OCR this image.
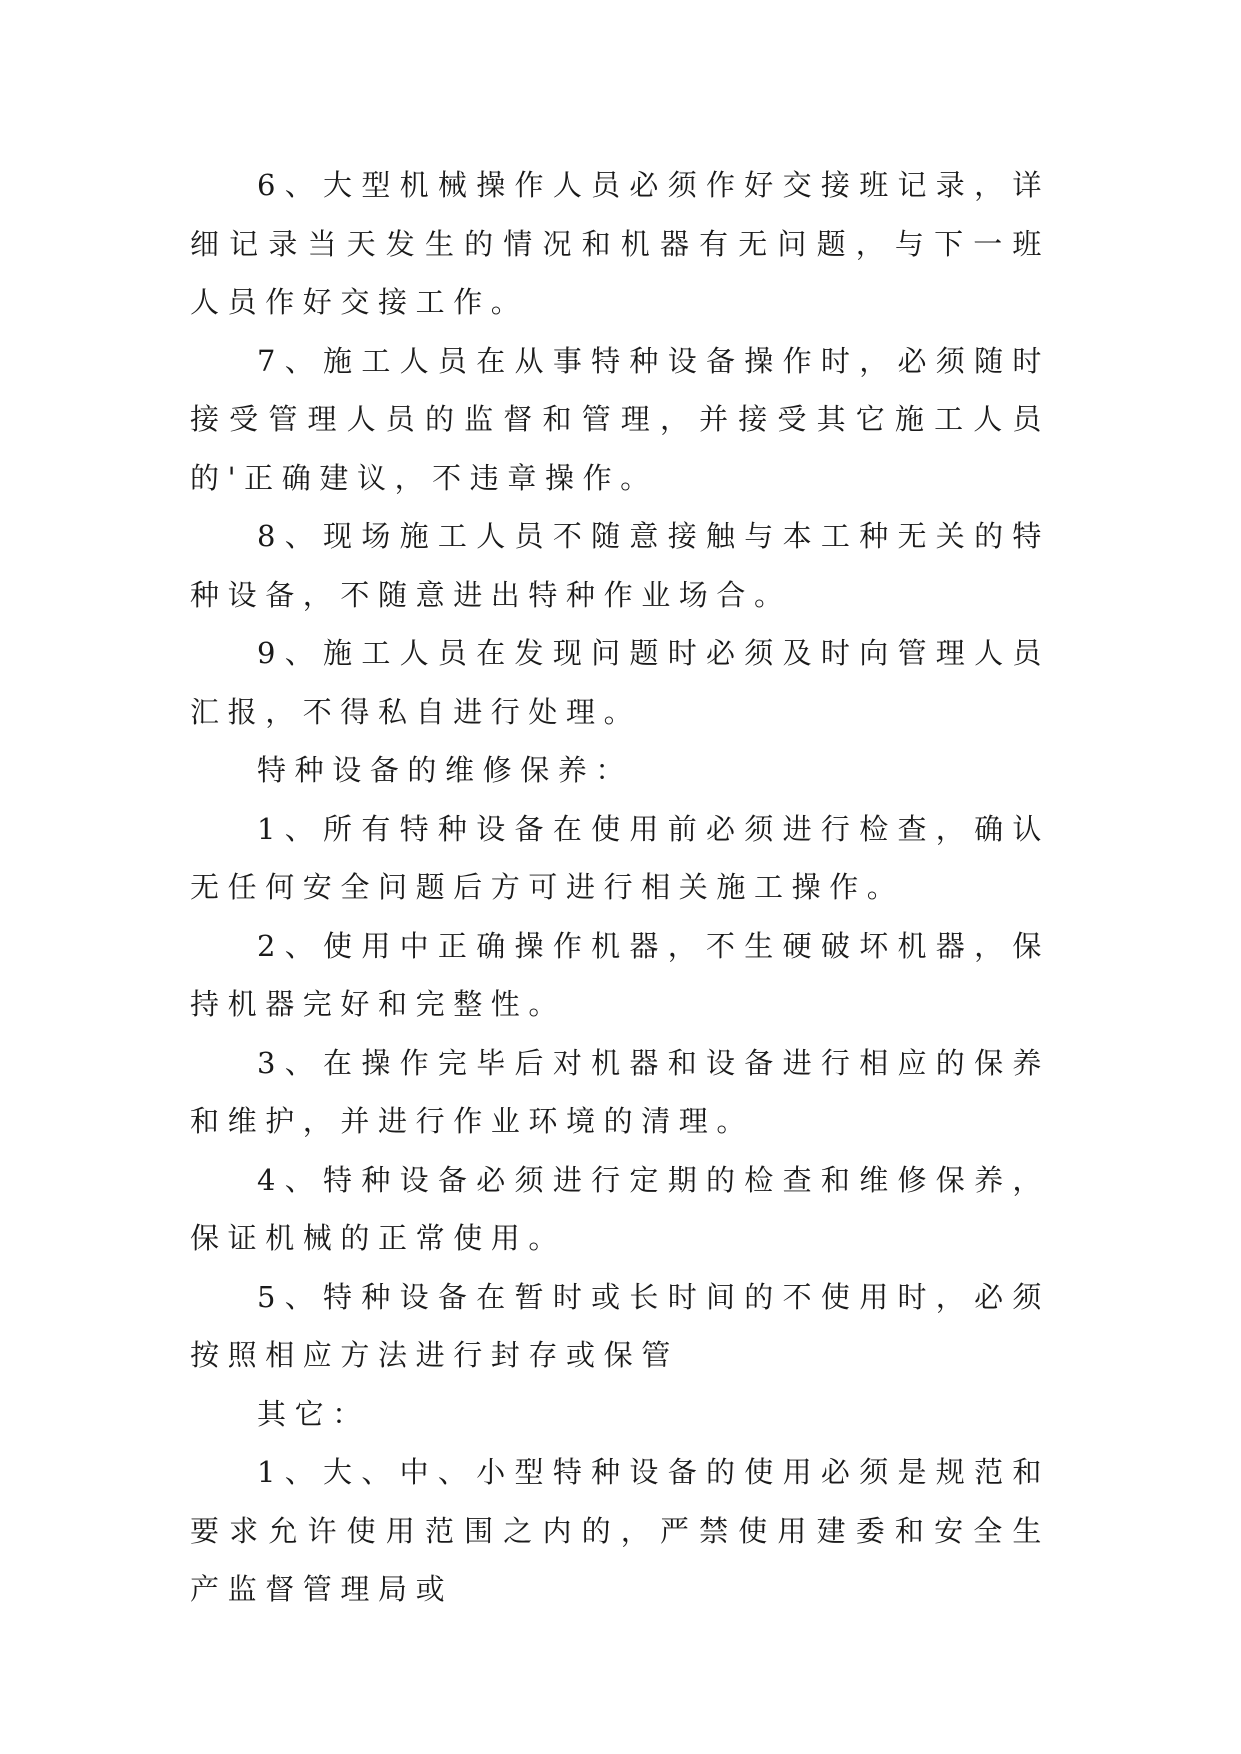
6、大型机械操作人员必须作好交接班记录，详细记录当天发生的情况和机器有无问题，与下一班人员作好交接工作。

7、施工人员在从事特种设备操作时，必须随时接受管理人员的监督和管理，并接受其它施工人员的'正确建议，不违章操作。

8、现场施工人员不随意接触与本工种无关的特种设备，不随意进出特种作业场合。

9、施工人员在发现问题时必须及时向管理人员汇报，不得私自进行处理。

特种设备的维修保养：

1、所有特种设备在使用前必须进行检查，确认无任何安全问题后方可进行相关施工操作。

2、使用中正确操作机器，不生硬破坏机器，保持机器完好和完整性。

3、在操作完毕后对机器和设备进行相应的保养和维护，并进行作业环境的清理。

4、特种设备必须进行定期的检查和维修保养，保证机械的正常使用。

5、特种设备在暂时或长时间的不使用时，必须按照相应方法进行封存或保管

其它：

1、大、中、小型特种设备的使用必须是规范和要求允许使用范围之内的，严禁使用建委和安全生产监督管理局或
